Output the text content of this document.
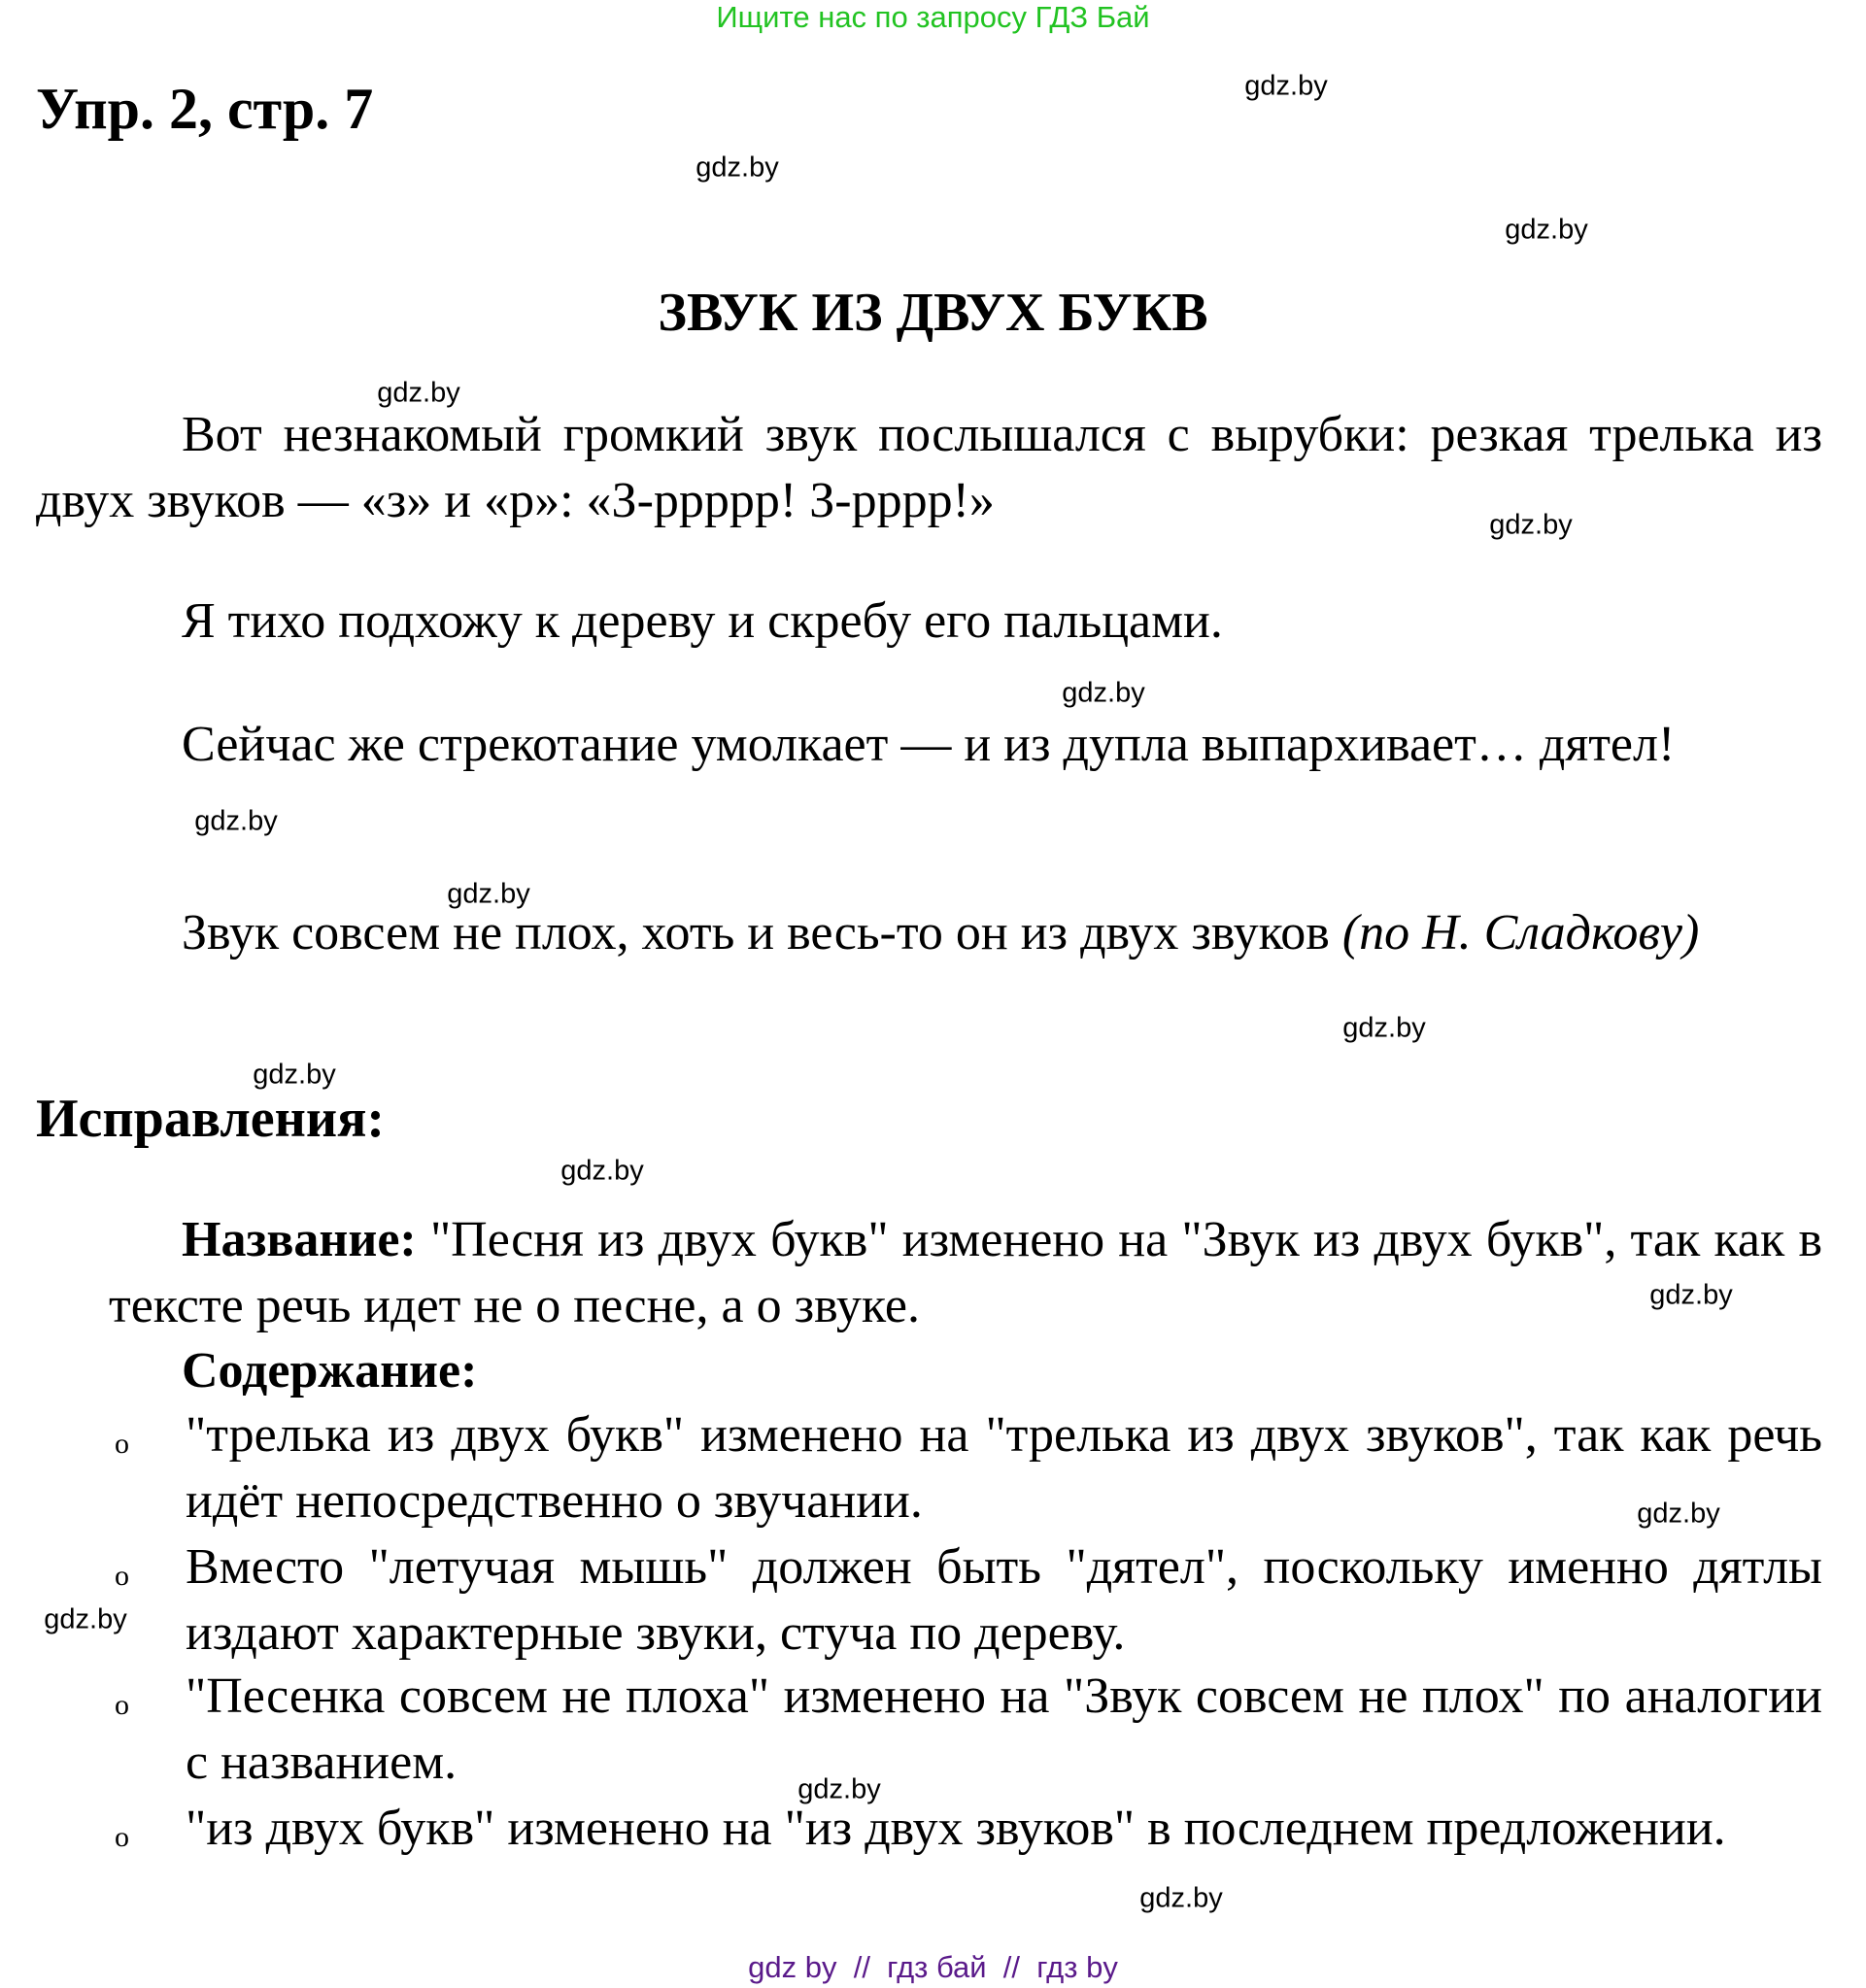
Ищите нас по запросу ГДЗ Бай
Упр. 2, стр. 7
ЗВУК ИЗ ДВУХ БУКВ
Вот незнакомый громкий звук послышался с вырубки: резкая трелька из двух звуков — «з» и «р»: «З-ррррр! З-рррр!»
Я тихо подхожу к дереву и скребу его пальцами.
Сейчас же стрекотание умолкает — и из дупла выпархивает… дятел!
Звук совсем не плох, хоть и весь-то он из двух звуков (по Н. Сладкову)
Исправления:
Название: "Песня из двух букв" изменено на "Звук из двух букв", так как в тексте речь идет не о песне, а о звуке.
Содержание:
o "трелька из двух букв" изменено на "трелька из двух звуков", так как речь идёт непосредственно о звучании.
o Вместо "летучая мышь" должен быть "дятел", поскольку именно дятлы издают характерные звуки, стуча по дереву.
o "Песенка совсем не плоха" изменено на "Звук совсем не плох" по аналогии с названием.
o "из двух букв" изменено на "из двух звуков" в последнем предложении.
gdz.by
gdz.by
gdz.by
gdz.by
gdz.by
gdz.by
gdz.by
gdz.by
gdz.by
gdz.by
gdz.by
gdz.by
gdz.by
gdz.by
gdz.by
gdz.by
gdz by  //  гдз бай  //  гдз by
